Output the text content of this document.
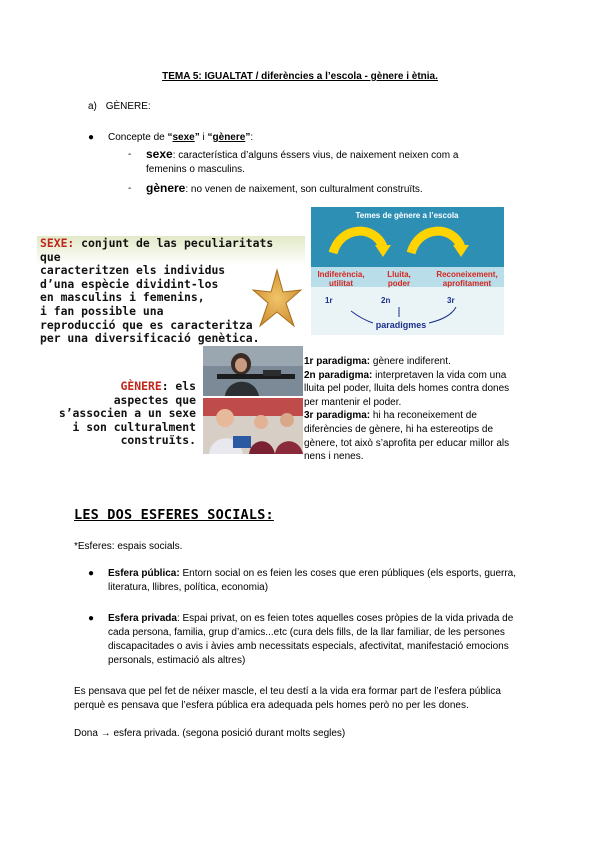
TEMA 5: IGUALTAT / diferències a l’escola - gènere i ètnia.
a) GÈNERE:
● Concepte de “sexe” i “gènere”:
- sexe: característica d’alguns éssers vius, de naixement neixen com a
femenins o masculins.
- gènere: no venen de naixement, son culturalment construïts.
SEXE: conjunt de las peculiaritats que
caracteritzen els individus
d’una espècie dividint-los
en masculins i femenins,
i fan possible una
reproducció que es caracteritza
per una diversificació genètica.
Temes de gènere a l’escola
Indiferència,
utilitat
Lluita,
poder
Reconeixement,
aprofitament
1r	2n	3r
paradigmes
GÈNERE: els
aspectes que
s’associen a un sexe
i son culturalment
construïts.
1r paradigma: gènere indiferent.
2n paradigma: interpretaven la vida com una lluita pel poder, lluita dels homes contra dones per mantenir el poder.
3r paradigma: hi ha reconeixement de diferències de gènere, hi ha estereotips de gènere, tot això s’aprofita per educar millor als nens i nenes.
LES DOS ESFERES SOCIALS:
*Esferes: espais socials.
● Esfera pública: Entorn social on es feien les coses que eren públiques (els esports, guerra, literatura, llibres, política, economia)
● Esfera privada: Espai privat, on es feien totes aquelles coses pròpies de la vida privada de cada persona, familia, grup d’amics...etc (cura dels fills, de la llar familiar, de les persones discapacitades o avis i àvies amb necessitats especials, afectivitat, manifestació emocions personals, estimació als altres)
Es pensava que pel fet de néixer mascle, el teu destí a la vida era formar part de l’esfera pública perquè es pensava que l’esfera pública era adequada pels homes però no per les dones.
Dona → esfera privada. (segona posició durant molts segles)
